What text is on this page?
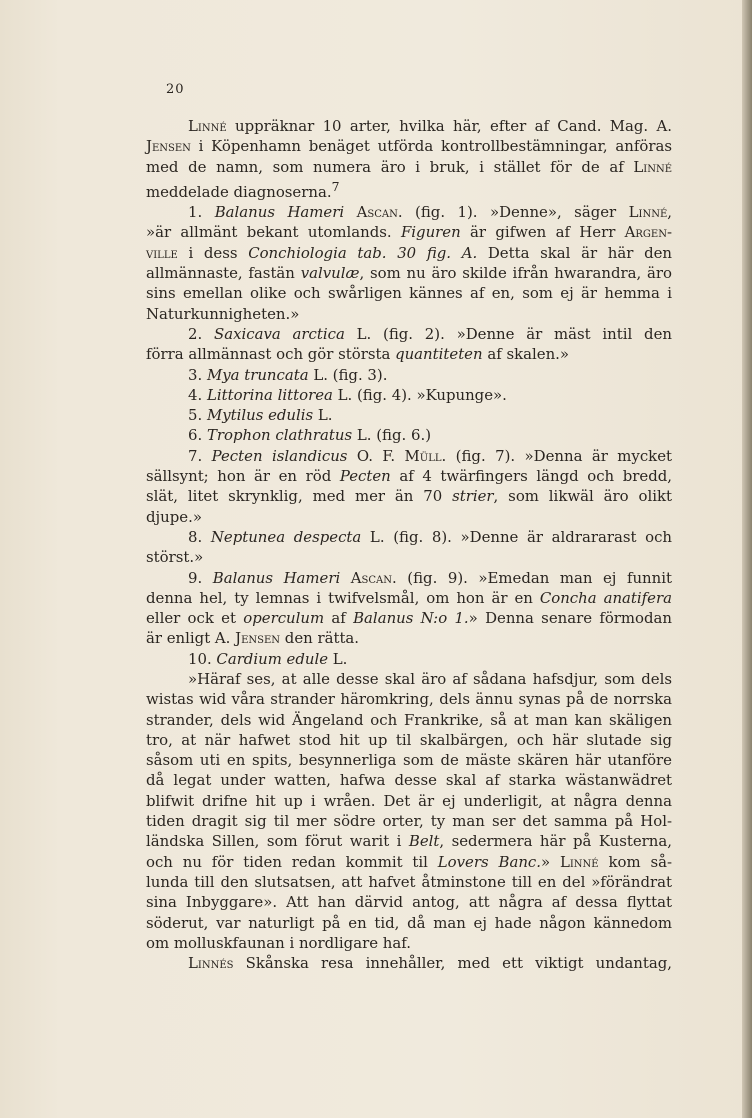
20

Linné uppräknar 10 arter, hvilka här, efter af Cand. Mag. A.

Jensen i Köpenhamn benäget utförda kontrollbestämningar, anföras

med de namn, som numera äro i bruk, i stället för de af Linné

meddelade diagnoserna.$^7$

1. Balanus Hameri Ascan. (fig. 1). »Denne», säger Linné,

»är allmänt bekant utomlands. Figuren är gifwen af Herr Argen-

ville i dess Conchiologia tab. 30 fig. A. Detta skal är här den

allmännaste, fastän valvulæ, som nu äro skilde ifrån hwarandra, äro

sins emellan olike och swårligen kännes af en, som ej är hemma i

Naturkunnigheten.»

2. Saxicava arctica L. (fig. 2). »Denne är mäst intil den

förra allmännast och gör största quantiteten af skalen.»

3. Mya truncata L. (fig. 3).

4. Littorina littorea L. (fig. 4). »Kupunge».

5. Mytilus edulis L.

6. Trophon clathratus L. (fig. 6.)

7. Pecten islandicus O. F. Müll. (fig. 7). »Denna är mycket

sällsynt; hon är en röd Pecten af 4 twärfingers längd och bredd,

slät, litet skrynklig, med mer än 70 strier, som likwäl äro olikt djupe.»

8. Neptunea despecta L. (fig. 8). »Denne är aldrararast och

störst.»

9. Balanus Hameri Ascan. (fig. 9). »Emedan man ej funnit

denna hel, ty lemnas i twifvelsmål, om hon är en Concha anatifera

eller ock et operculum af Balanus N:o 1.» Denna senare förmodan

är enligt A. Jensen den rätta.

10. Cardium edule L.

»Häraf ses, at alle desse skal äro af sådana hafsdjur, som dels

wistas wid våra strander häromkring, dels ännu synas på de norrska

strander, dels wid Ängeland och Frankrike, så at man kan skäligen

tro, at när hafwet stod hit up til skalbärgen, och här slutade sig

såsom uti en spits, besynnerliga som de mäste skären här utanföre

då legat under watten, hafwa desse skal af starka wästanwädret

blifwit drifne hit up i wråen. Det är ej underligit, at några denna

tiden dragit sig til mer södre orter, ty man ser det samma på Hol-

ländska Sillen, som förut warit i Belt, sedermera här på Kusterna,

och nu för tiden redan kommit til Lovers Banc.» Linné kom så-

lunda till den slutsatsen, att hafvet åtminstone till en del »förändrat

sina Inbyggare». Att han därvid antog, att några af dessa flyttat

söderut, var naturligt på en tid, då man ej hade någon kännedom

om molluskfaunan i nordligare haf.

Linnés Skånska resa innehåller, med ett viktigt undantag,
